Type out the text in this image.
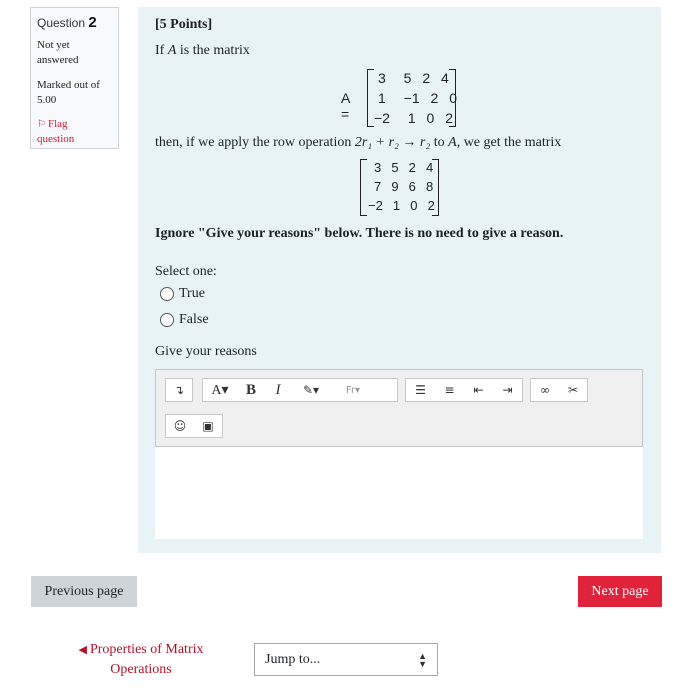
Question 2
Not yet
answered
Marked out of
5.00
⚐ Flag
question
[5 Points]
If A is the matrix
A =
3  5  2  4
1  −1  2  0
−2  1  0  2
then, if we apply the row operation 2r₁ + r₂ → r₂ to A, we get the matrix
3  5  2  4
7  9  6  8
−2  1  0  2
Ignore "Give your reasons" below. There is no need to give a reason.
Select one:
True
False
Give your reasons
↴	A▾	B	I	✎▾	Fr▾	☰	≡	⇤	⇥	∞	✂
☺	▣
Previous page	Next page
◀ Properties of Matrix
Operations
Jump to...	▲
▼
